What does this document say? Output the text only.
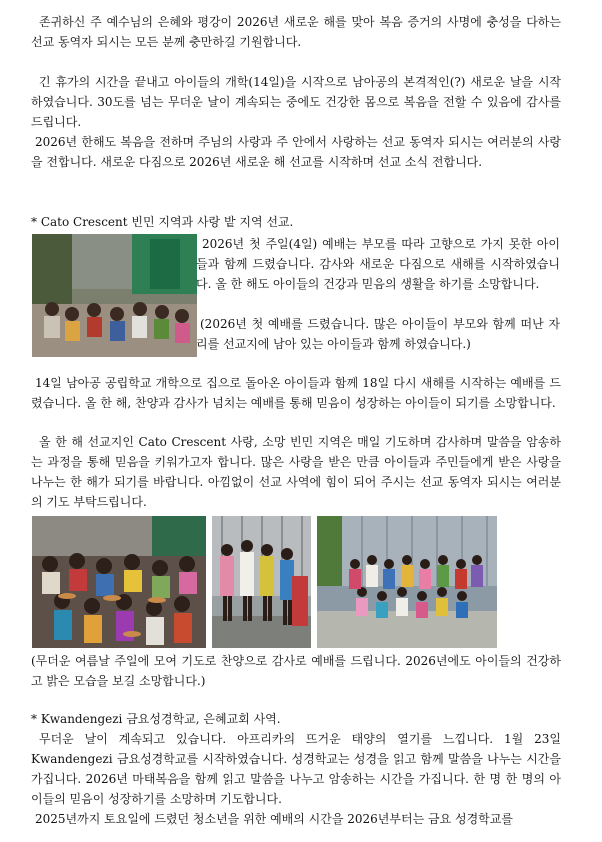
존귀하신 주 예수님의 은혜와 평강이 2026년 새로운 해를 맞아 복음 증거의 사명에 충성을 다하는 선교 동역자 되시는 모든 분께 충만하길 기원합니다.
긴 휴가의 시간을 끝내고 아이들의 개학(14일)을 시작으로 남아공의 본격적인(?) 새로운 날을 시작하였습니다. 30도를 넘는 무더운 날이 계속되는 중에도 건강한 몸으로 복음을 전할 수 있음에 감사를 드립니다.
2026년 한해도 복음을 전하며 주님의 사랑과 주 안에서 사랑하는 선교 동역자 되시는 여러분의 사랑을 전합니다. 새로운 다짐으로 2026년 새로운 해 선교를 시작하며 선교 소식 전합니다.
* Cato Crescent 빈민 지역과 사랑 밭 지역 선교.
2026년 첫 주일(4일) 예배는 부모를 따라 고향으로 가지 못한 아이들과 함께 드렸습니다. 감사와 새로운 다짐으로 새해를 시작하였습니다. 올 한 해도 아이들의 건강과 믿음의 생활을 하기를 소망합니다.
(2026년 첫 예배를 드렸습니다. 많은 아이들이 부모와 함께 떠난 자리를 선교지에 남아 있는 아이들과 함께 하였습니다.)
14일 남아공 공립학교 개학으로 집으로 돌아온 아이들과 함께 18일 다시 새해를 시작하는 예배를 드렸습니다. 올 한 해, 찬양과 감사가 넘치는 예배를 통해 믿음이 성장하는 아이들이 되기를 소망합니다.
올 한 해 선교지인 Cato Crescent 사랑, 소망 빈민 지역은 매일 기도하며 감사하며 말씀을 암송하는 과정을 통해 믿음을 키워가고자 합니다. 많은 사랑을 받은 만큼 아이들과 주민들에게 받은 사랑을 나누는 한 해가 되기를 바랍니다. 아낌없이 선교 사역에 힘이 되어 주시는 선교 동역자 되시는 여러분의 기도 부탁드립니다.
(무더운 여름날 주일에 모여 기도로 찬양으로 감사로 예배를 드립니다. 2026년에도 아이들의 건강하고 밝은 모습을 보길 소망합니다.)
* Kwandengezi 금요성경학교, 은혜교회 사역.
무더운 날이 계속되고 있습니다. 아프리카의 뜨거운 태양의 열기를 느낍니다. 1월 23일 Kwandengezi 금요성경학교를 시작하였습니다. 성경학교는 성경을 읽고 함께 말씀을 나누는 시간을 가집니다. 2026년 마태복음을 함께 읽고 말씀을 나누고 암송하는 시간을 가집니다. 한 명 한 명의 아이들의 믿음이 성장하기를 소망하며 기도합니다.
2025년까지 토요일에 드렸던 청소년을 위한 예배의 시간을 2026년부터는 금요 성경학교를
